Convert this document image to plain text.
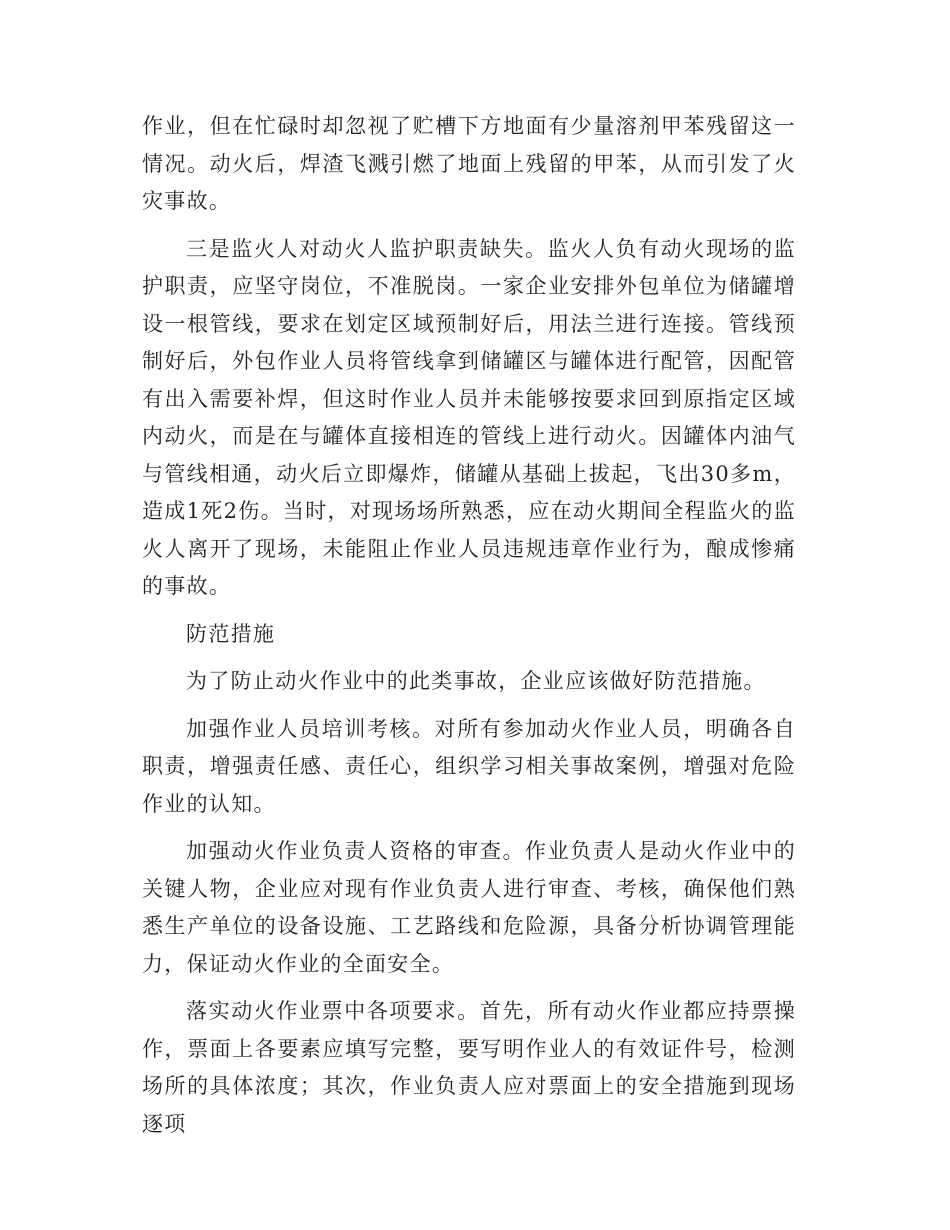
作业，但在忙碌时却忽视了贮槽下方地面有少量溶剂甲苯残留这一情况。动火后，焊渣飞溅引燃了地面上残留的甲苯，从而引发了火灾事故。

三是监火人对动火人监护职责缺失。监火人负有动火现场的监护职责，应坚守岗位，不准脱岗。一家企业安排外包单位为储罐增设一根管线，要求在划定区域预制好后，用法兰进行连接。管线预制好后，外包作业人员将管线拿到储罐区与罐体进行配管，因配管有出入需要补焊，但这时作业人员并未能够按要求回到原指定区域内动火，而是在与罐体直接相连的管线上进行动火。因罐体内油气与管线相通，动火后立即爆炸，储罐从基础上拔起，飞出30多m，造成1死2伤。当时，对现场场所熟悉，应在动火期间全程监火的监火人离开了现场，未能阻止作业人员违规违章作业行为，酿成惨痛的事故。

防范措施

为了防止动火作业中的此类事故，企业应该做好防范措施。

加强作业人员培训考核。对所有参加动火作业人员，明确各自职责，增强责任感、责任心，组织学习相关事故案例，增强对危险作业的认知。

加强动火作业负责人资格的审查。作业负责人是动火作业中的关键人物，企业应对现有作业负责人进行审查、考核，确保他们熟悉生产单位的设备设施、工艺路线和危险源，具备分析协调管理能力，保证动火作业的全面安全。

落实动火作业票中各项要求。首先，所有动火作业都应持票操作，票面上各要素应填写完整，要写明作业人的有效证件号，检测场所的具体浓度；其次，作业负责人应对票面上的安全措施到现场逐项
